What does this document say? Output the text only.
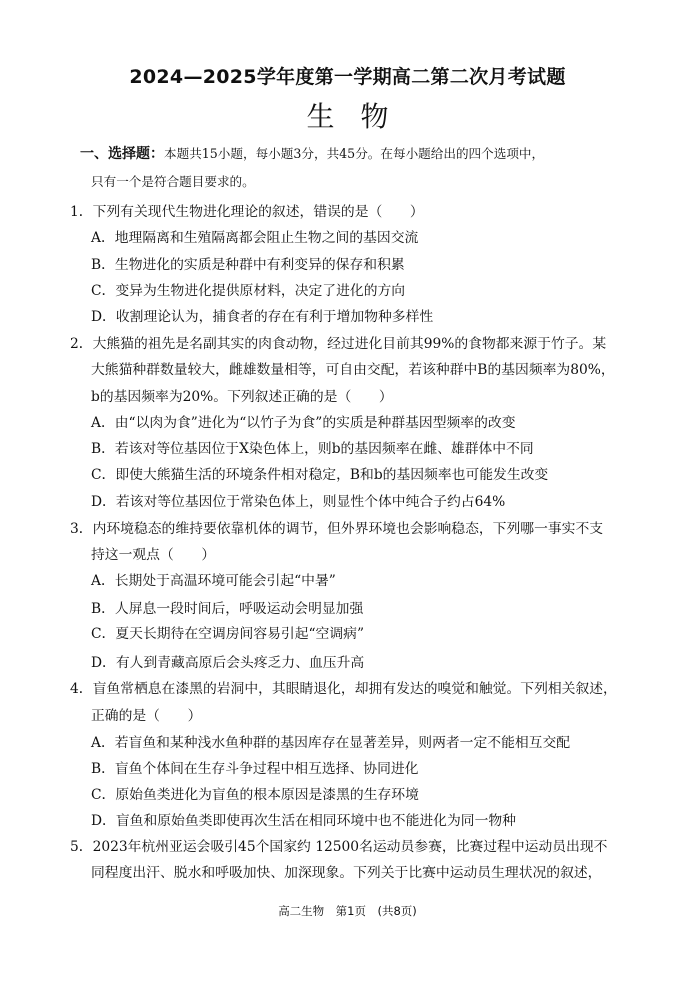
2024—2025学年度第一学期高二第二次月考试题
生物
一、选择题：本题共15小题，每小题3分，共45分。在每小题给出的四个选项中，
只有一个是符合题目要求的。
1．下列有关现代生物进化理论的叙述，错误的是（　　）
A．地理隔离和生殖隔离都会阻止生物之间的基因交流
B．生物进化的实质是种群中有利变异的保存和积累
C．变异为生物进化提供原材料，决定了进化的方向
D．收割理论认为，捕食者的存在有利于增加物种多样性
2．大熊猫的祖先是名副其实的肉食动物，经过进化目前其99%的食物都来源于竹子。某
大熊猫种群数量较大，雌雄数量相等，可自由交配，若该种群中B的基因频率为80%，
b的基因频率为20%。下列叙述正确的是（　　）
A．由“以肉为食”进化为“以竹子为食”的实质是种群基因型频率的改变
B．若该对等位基因位于X染色体上，则b的基因频率在雌、雄群体中不同
C．即使大熊猫生活的环境条件相对稳定，B和b的基因频率也可能发生改变
D．若该对等位基因位于常染色体上，则显性个体中纯合子约占64%
3．内环境稳态的维持要依靠机体的调节，但外界环境也会影响稳态，下列哪一事实不支
持这一观点（　　）
A．长期处于高温环境可能会引起“中暑”
B．人屏息一段时间后，呼吸运动会明显加强
C．夏天长期待在空调房间容易引起“空调病”
D．有人到青藏高原后会头疼乏力、血压升高
4．盲鱼常栖息在漆黑的岩洞中，其眼睛退化，却拥有发达的嗅觉和触觉。下列相关叙述，
正确的是（　　）
A．若盲鱼和某种浅水鱼种群的基因库存在显著差异，则两者一定不能相互交配
B．盲鱼个体间在生存斗争过程中相互选择、协同进化
C．原始鱼类进化为盲鱼的根本原因是漆黑的生存环境
D．盲鱼和原始鱼类即使再次生活在相同环境中也不能进化为同一物种
5．2023年杭州亚运会吸引45个国家约 12500名运动员参赛，比赛过程中运动员出现不
同程度出汗、脱水和呼吸加快、加深现象。下列关于比赛中运动员生理状况的叙述，
高二生物　第1页　(共8页)
